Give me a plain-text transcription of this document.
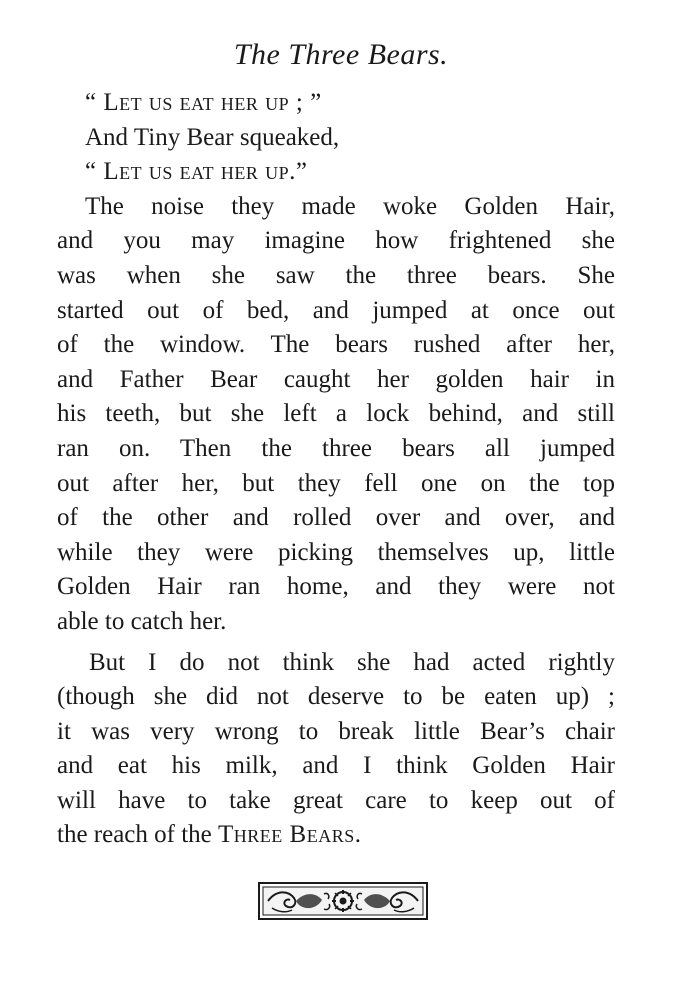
The Three Bears.
“ Let us eat her up ; ”
And Tiny Bear squeaked,
“ Let us eat her up.”
The noise they made woke Golden Hair,
and you may imagine how frightened she
was when she saw the three bears. She
started out of bed, and jumped at once out
of the window. The bears rushed after her,
and Father Bear caught her golden hair in
his teeth, but she left a lock behind, and still
ran on. Then the three bears all jumped
out after her, but they fell one on the top
of the other and rolled over and over, and
while they were picking themselves up, little
Golden Hair ran home, and they were not
able to catch her.
But I do not think she had acted rightly
(though she did not deserve to be eaten up) ;
it was very wrong to break little Bear’s chair
and eat his milk, and I think Golden Hair
will have to take great care to keep out of
the reach of the Three Bears.
